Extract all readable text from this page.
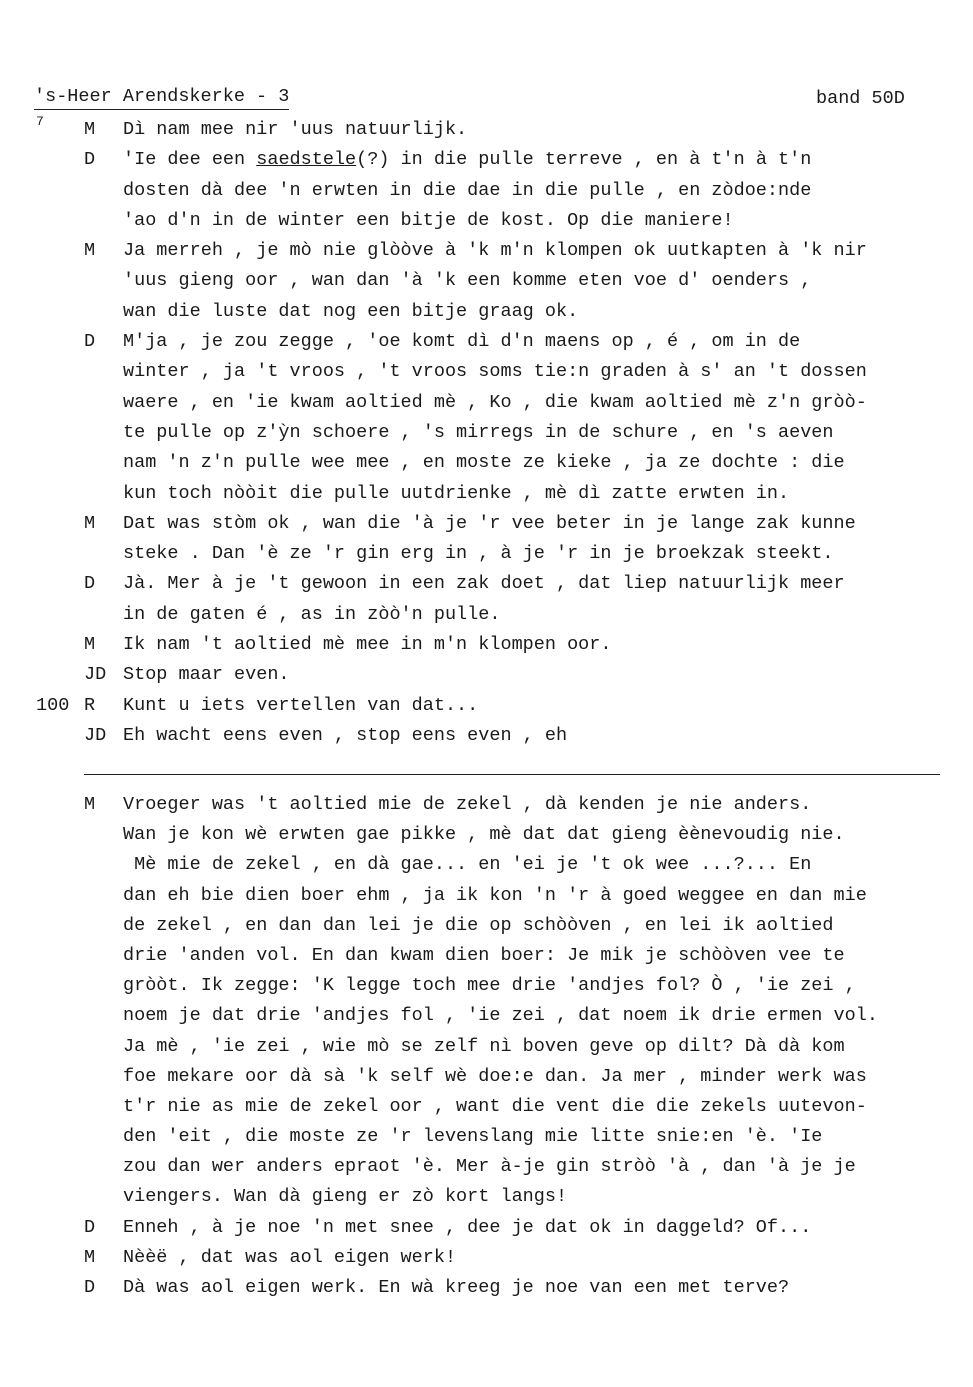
's-Heer Arendskerke - 3	band 50D
7 M Dì nam mee nir 'uus natuurlijk.
D 'Ie dee een saedstele(?) in die pulle terreve , en à t'n à t'n
dosten dà dee 'n erwten in die dae in die pulle , en zòdoe:nde
'ao d'n in de winter een bitje de kost. Op die maniere!
M Ja merreh , je mò nie glòòve à 'k m'n klompen ok uutkapten à 'k nir
'uus gieng oor , wan dan 'à 'k een komme eten voe d' oenders ,
wan die luste dat nog een bitje graag ok.
D M'ja , je zou zegge , 'oe komt dì d'n maens op , é , om in de
winter , ja 't vroos , 't vroos soms tie:n graden à s' an 't dossen
waere , en 'ie kwam aoltied mè , Ko , die kwam aoltied mè z'n gròò-
te pulle op z'ỳn schoere , 's mirregs in de schure , en 's aeven
nam 'n z'n pulle wee mee , en moste ze kieke , ja ze dochte : die
kun toch nòòit die pulle uutdrienke , mè dì zatte erwten in.
M Dat was stòm ok , wan die 'à je 'r vee beter in je lange zak kunne
steke . Dan 'è ze 'r gin erg in , à je 'r in je broekzak steekt.
D Jà. Mer à je 't gewoon in een zak doet , dat liep natuurlijk meer
in de gaten é , as in zòò'n pulle.
M Ik nam 't aoltied mè mee in m'n klompen oor.
JD Stop maar even.
100 R Kunt u iets vertellen van dat...
JD Eh wacht eens even , stop eens even , eh
M Vroeger was 't aoltied mie de zekel , dà kenden je nie anders.
Wan je kon wè erwten gae pikke , mè dat dat gieng èènevoudig nie.
Mè mie de zekel , en dà gae... en 'ei je 't ok wee ...?... En
dan eh bie dien boer ehm , ja ik kon 'n 'r à goed weggee en dan mie
de zekel , en dan dan lei je die op schòòven , en lei ik aoltied
drie 'anden vol. En dan kwam dien boer: Je mik je schòòven vee te
gròòt. Ik zegge: 'K legge toch mee drie 'andjes fol? Ò , 'ie zei ,
noem je dat drie 'andjes fol , 'ie zei , dat noem ik drie ermen vol.
Ja mè , 'ie zei , wie mò se zelf nì boven geve op dilt? Dà dà kom
foe mekare oor dà sà 'k self wè doe:e dan. Ja mer , minder werk was
t'r nie as mie de zekel oor , want die vent die die zekels uutevon-
den 'eit , die moste ze 'r levenslang mie litte snie:en 'è. 'Ie
zou dan wer anders epraot 'è. Mer à-je gin stròò 'à , dan 'à je je
viengers. Wan dà gieng er zò kort langs!
D Enneh , à je noe 'n met snee , dee je dat ok in daggeld? Of...
M Nèèë , dat was aol eigen werk!
D Dà was aol eigen werk. En wà kreeg je noe van een met terve?
